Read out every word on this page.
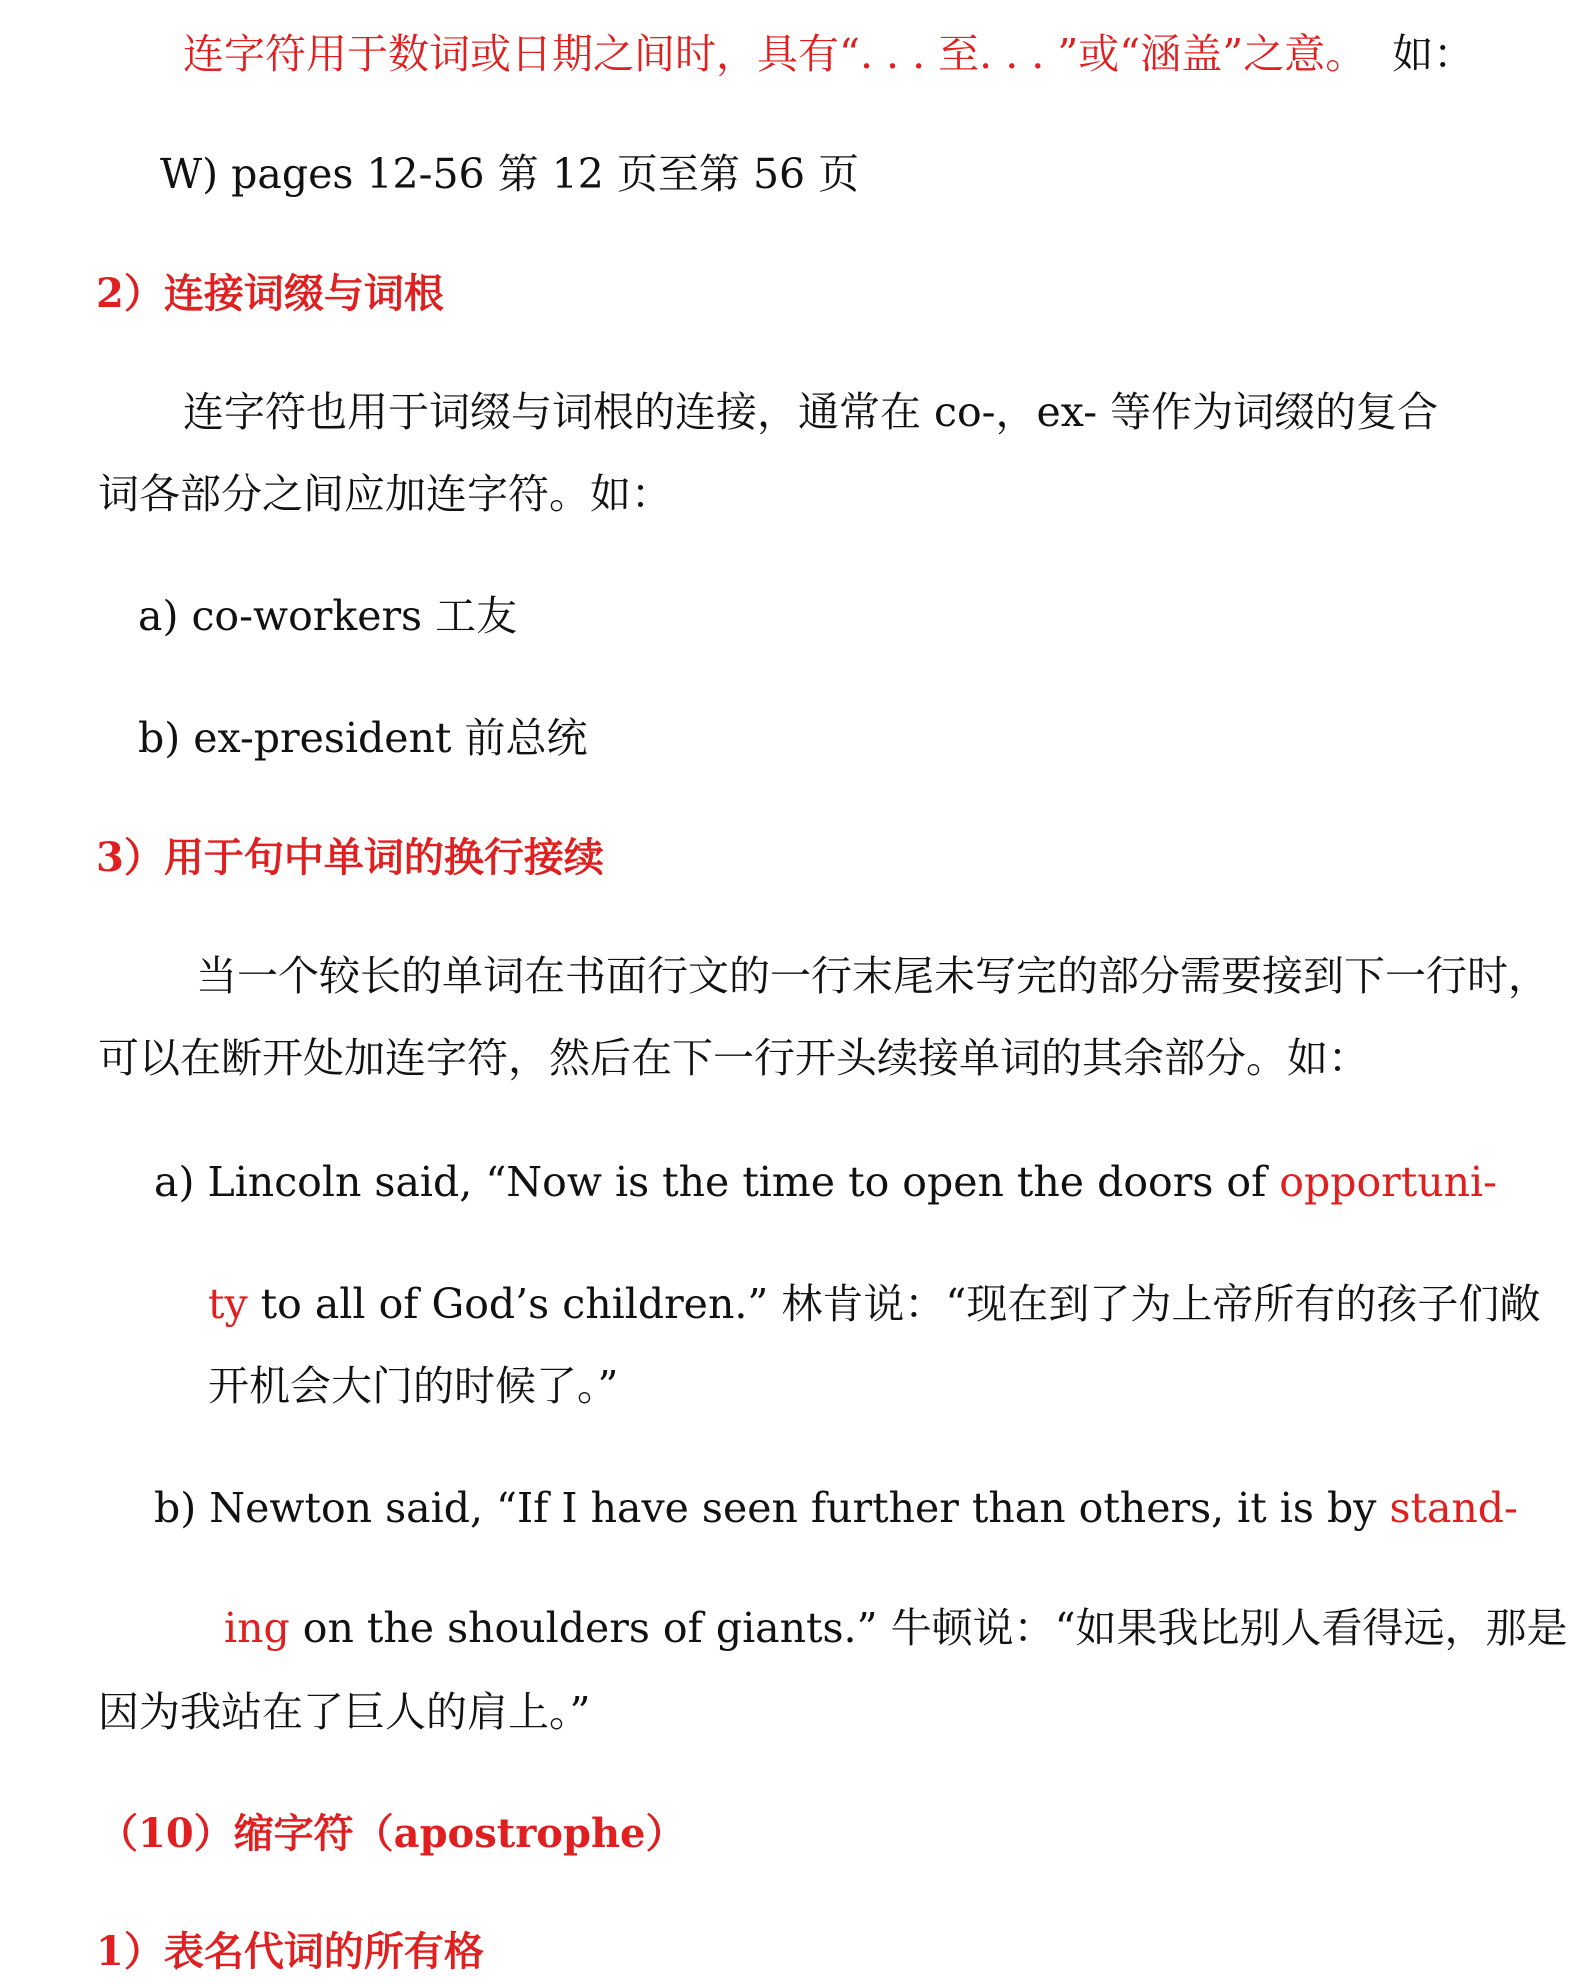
连字符用于数词或日期之间时，具有“. . . 至. . . ”或“涵盖”之意。 如：
W) pages 12-56 第 12 页至第 56 页
2）连接词缀与词根
连字符也用于词缀与词根的连接，通常在 co-，ex- 等作为词缀的复合
词各部分之间应加连字符。如：
a) co-workers 工友
b) ex-president 前总统
3）用于句中单词的换行接续
当一个较长的单词在书面行文的一行末尾未写完的部分需要接到下一行时，
可以在断开处加连字符，然后在下一行开头续接单词的其余部分。如：
a) Lincoln said, “Now is the time to open the doors of opportuni-
ty to all of God’s children.” 林肯说：“现在到了为上帝所有的孩子们敞
开机会大门的时候了。”
b) Newton said, “If I have seen further than others, it is by stand-
ing on the shoulders of giants.” 牛顿说：“如果我比别人看得远，那是
因为我站在了巨人的肩上。”
（10）缩字符（apostrophe）
1）表名代词的所有格
